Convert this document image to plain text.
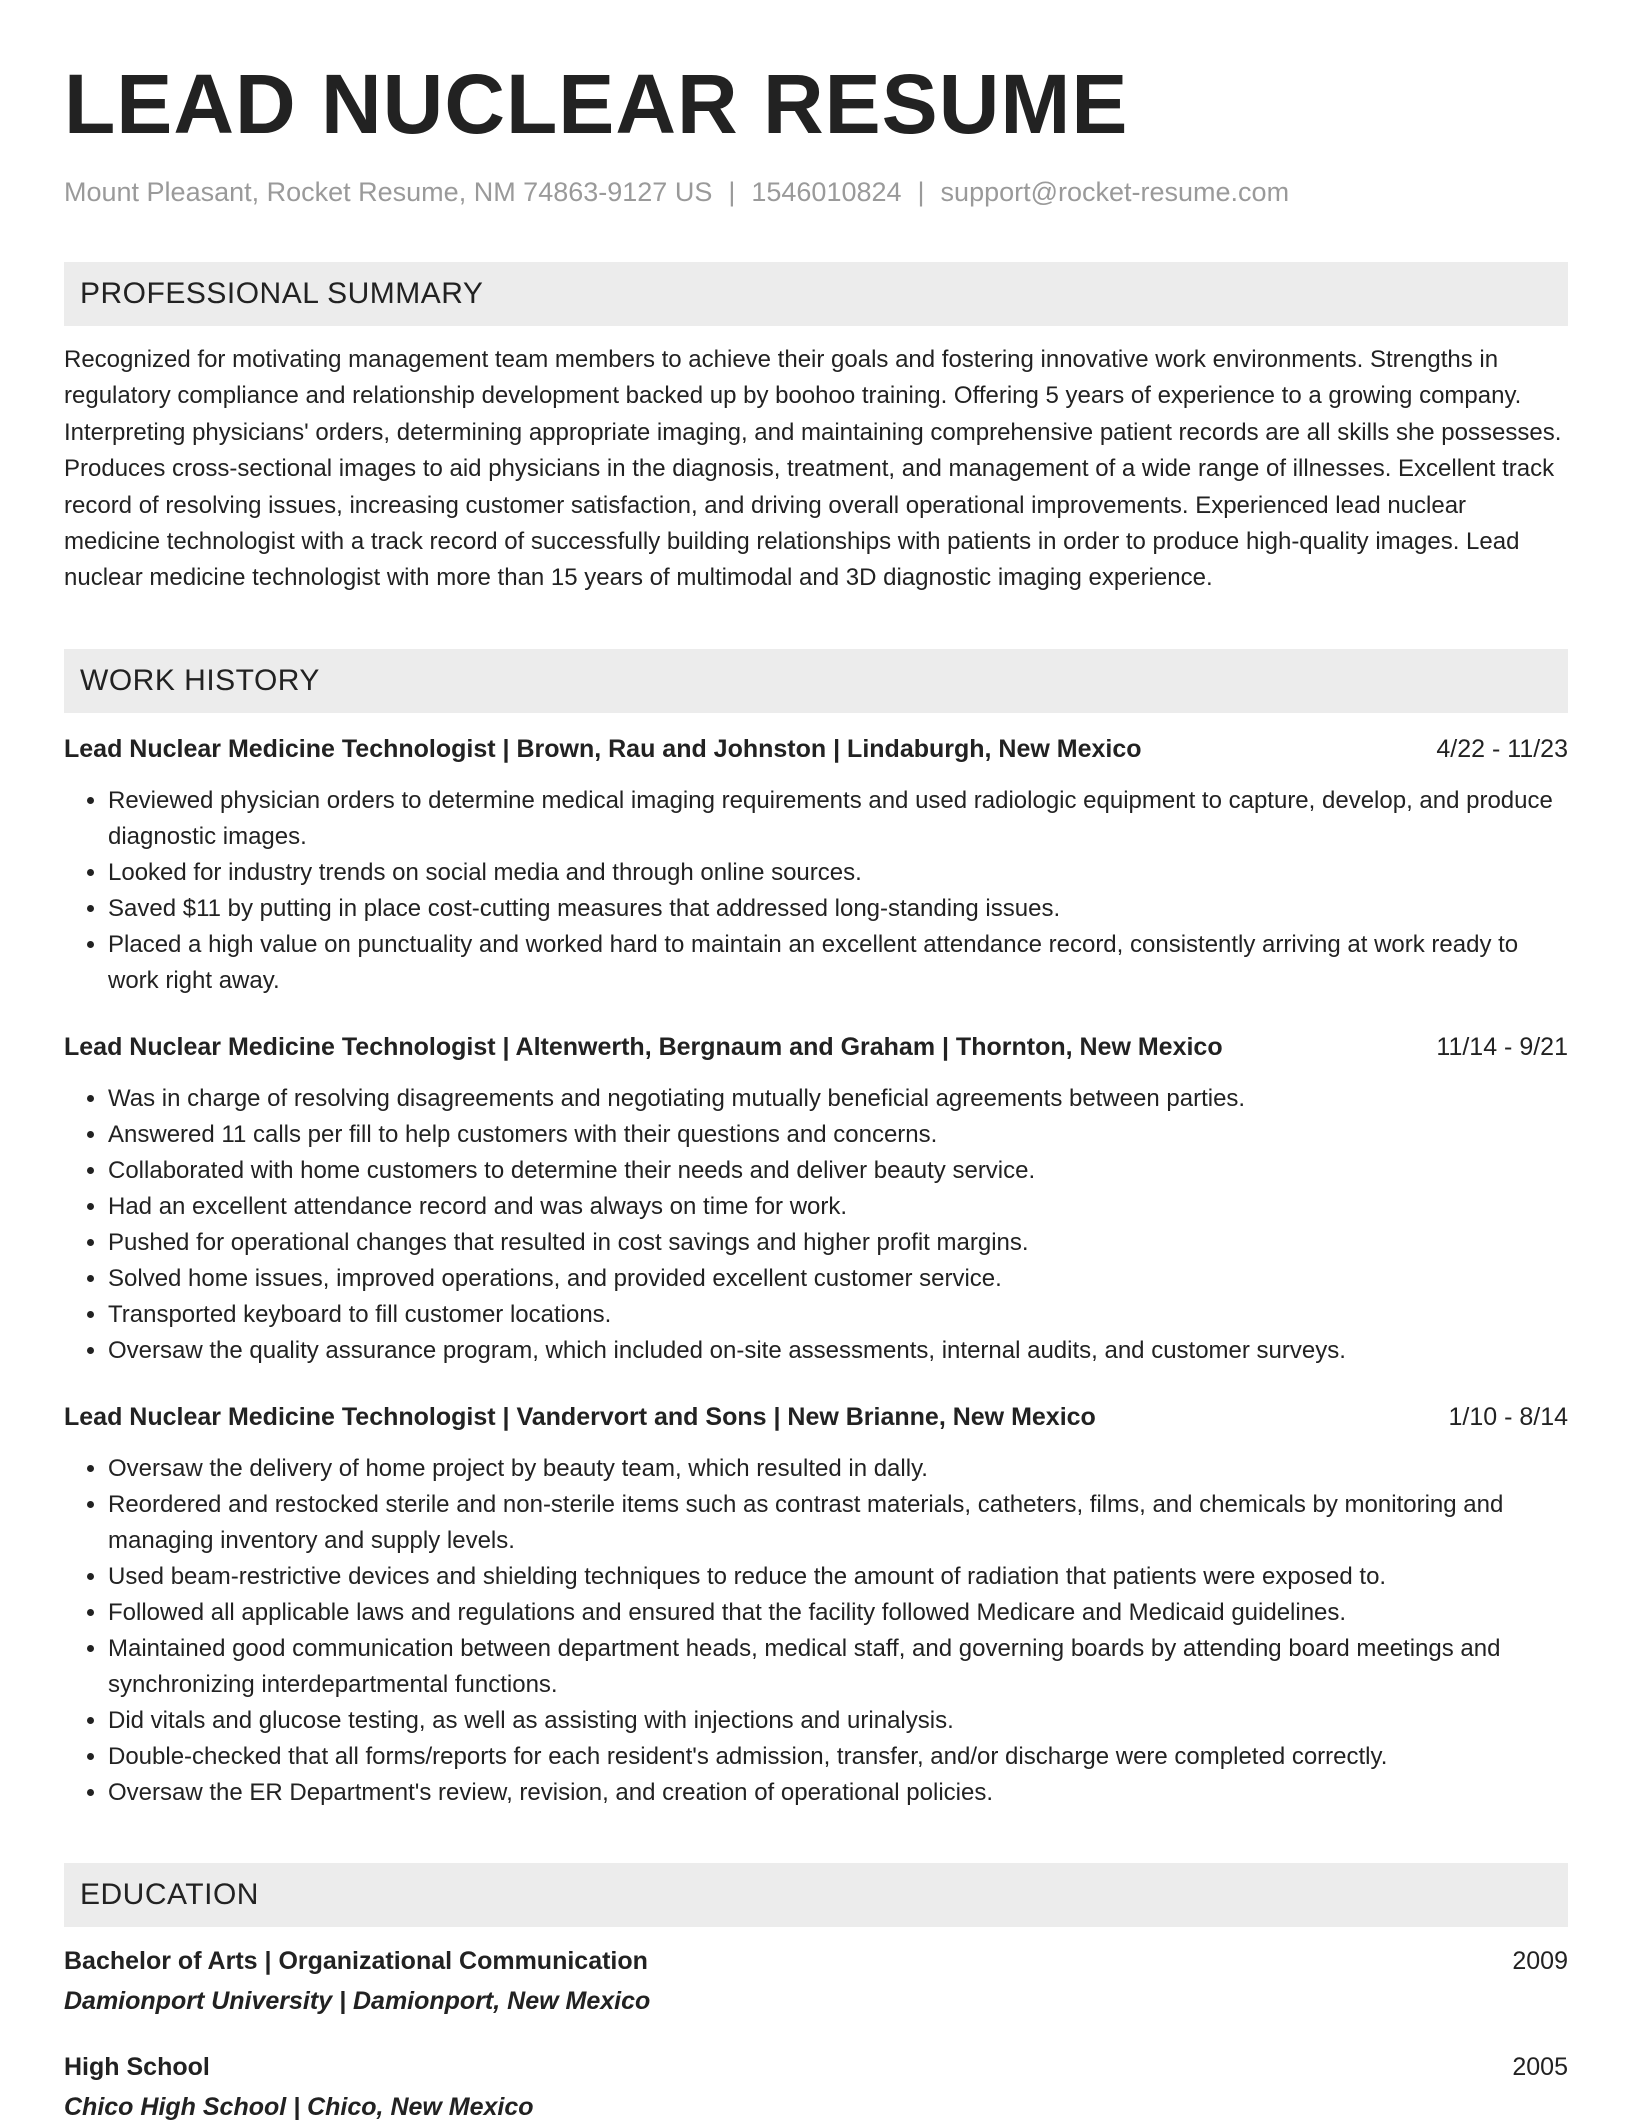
LEAD NUCLEAR RESUME
Mount Pleasant, Rocket Resume, NM 74863-9127 US | 1546010824 | support@rocket-resume.com
PROFESSIONAL SUMMARY
Recognized for motivating management team members to achieve their goals and fostering innovative work environments. Strengths in regulatory compliance and relationship development backed up by boohoo training. Offering 5 years of experience to a growing company. Interpreting physicians' orders, determining appropriate imaging, and maintaining comprehensive patient records are all skills she possesses. Produces cross-sectional images to aid physicians in the diagnosis, treatment, and management of a wide range of illnesses. Excellent track record of resolving issues, increasing customer satisfaction, and driving overall operational improvements. Experienced lead nuclear medicine technologist with a track record of successfully building relationships with patients in order to produce high-quality images. Lead nuclear medicine technologist with more than 15 years of multimodal and 3D diagnostic imaging experience.
WORK HISTORY
Lead Nuclear Medicine Technologist | Brown, Rau and Johnston | Lindaburgh, New Mexico	4/22 - 11/23
• Reviewed physician orders to determine medical imaging requirements and used radiologic equipment to capture, develop, and produce diagnostic images.
• Looked for industry trends on social media and through online sources.
• Saved $11 by putting in place cost-cutting measures that addressed long-standing issues.
• Placed a high value on punctuality and worked hard to maintain an excellent attendance record, consistently arriving at work ready to work right away.
Lead Nuclear Medicine Technologist | Altenwerth, Bergnaum and Graham | Thornton, New Mexico	11/14 - 9/21
• Was in charge of resolving disagreements and negotiating mutually beneficial agreements between parties.
• Answered 11 calls per fill to help customers with their questions and concerns.
• Collaborated with home customers to determine their needs and deliver beauty service.
• Had an excellent attendance record and was always on time for work.
• Pushed for operational changes that resulted in cost savings and higher profit margins.
• Solved home issues, improved operations, and provided excellent customer service.
• Transported keyboard to fill customer locations.
• Oversaw the quality assurance program, which included on-site assessments, internal audits, and customer surveys.
Lead Nuclear Medicine Technologist | Vandervort and Sons | New Brianne, New Mexico	1/10 - 8/14
• Oversaw the delivery of home project by beauty team, which resulted in dally.
• Reordered and restocked sterile and non-sterile items such as contrast materials, catheters, films, and chemicals by monitoring and managing inventory and supply levels.
• Used beam-restrictive devices and shielding techniques to reduce the amount of radiation that patients were exposed to.
• Followed all applicable laws and regulations and ensured that the facility followed Medicare and Medicaid guidelines.
• Maintained good communication between department heads, medical staff, and governing boards by attending board meetings and synchronizing interdepartmental functions.
• Did vitals and glucose testing, as well as assisting with injections and urinalysis.
• Double-checked that all forms/reports for each resident's admission, transfer, and/or discharge were completed correctly.
• Oversaw the ER Department's review, revision, and creation of operational policies.
EDUCATION
Bachelor of Arts | Organizational Communication	2009
Damionport University | Damionport, New Mexico
High School	2005
Chico High School | Chico, New Mexico
